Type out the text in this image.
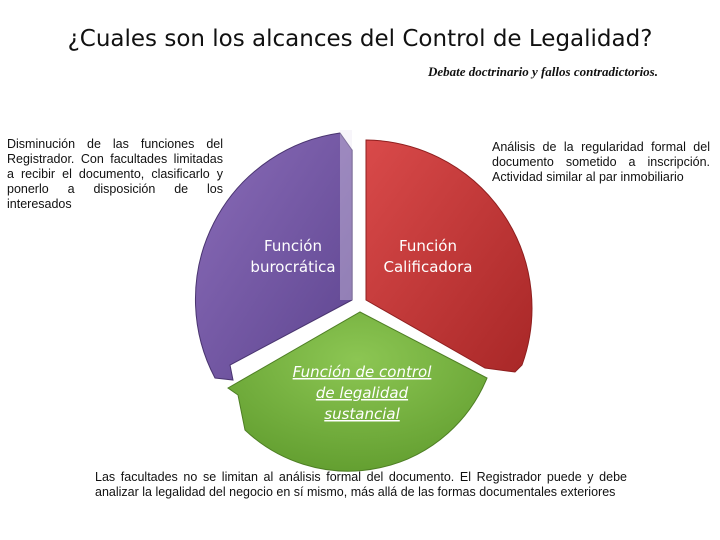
¿Cuales son los alcances del Control de Legalidad?
Debate doctrinario y fallos contradictorios.
Función
burocrática
Función
Calificadora
Función de control
de legalidad
sustancial
Disminución de las funciones del Registrador. Con facultades limitadas a recibir el documento, clasificarlo y ponerlo a disposición de los interesados
Análisis de la regularidad formal del documento sometido a inscripción. Actividad similar al par inmobiliario
Las facultades no se limitan al análisis formal del documento. El Registrador puede y debe analizar la legalidad del negocio en sí mismo, más allá de las formas documentales exteriores
